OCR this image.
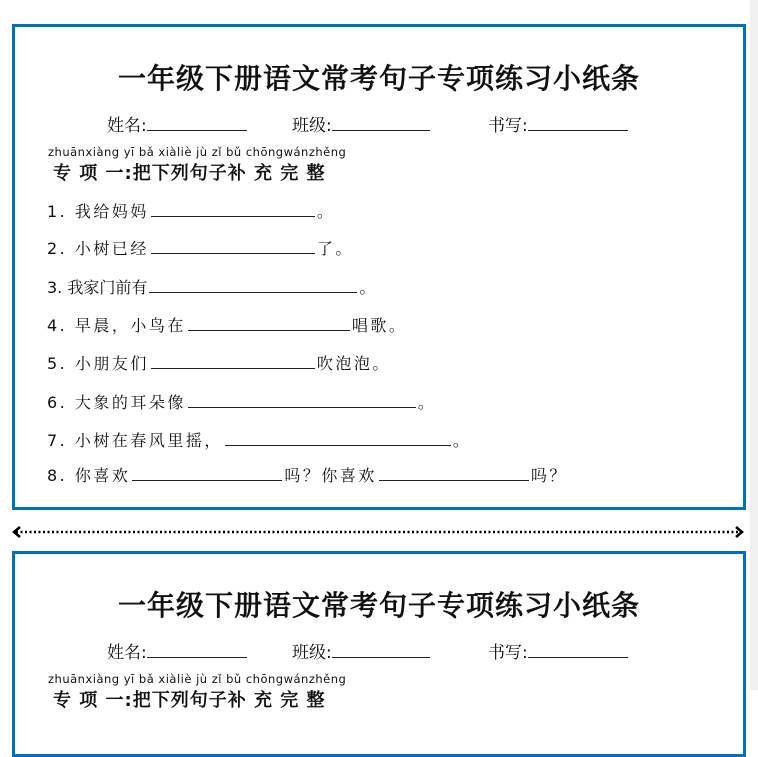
一年级下册语文常考句子专项练习小纸条
姓名:	班级:	书写:
zhuānxiàng yī bǎ xiàliè jù zǐ bǔ chōngwánzhěng
专 项 一:把下列句子补 充 完 整
1. 我给妈妈	。
2. 小树已经	了。
3. 我家门前有	。
4. 早晨，小鸟在	唱歌。
5. 小朋友们	吹泡泡。
6. 大象的耳朵像	。
7. 小树在春风里摇，	。
8. 你喜欢	吗？你喜欢	吗？
一年级下册语文常考句子专项练习小纸条
姓名:	班级:	书写:
zhuānxiàng yī bǎ xiàliè jù zǐ bǔ chōngwánzhěng
专 项 一:把下列句子补 充 完 整
